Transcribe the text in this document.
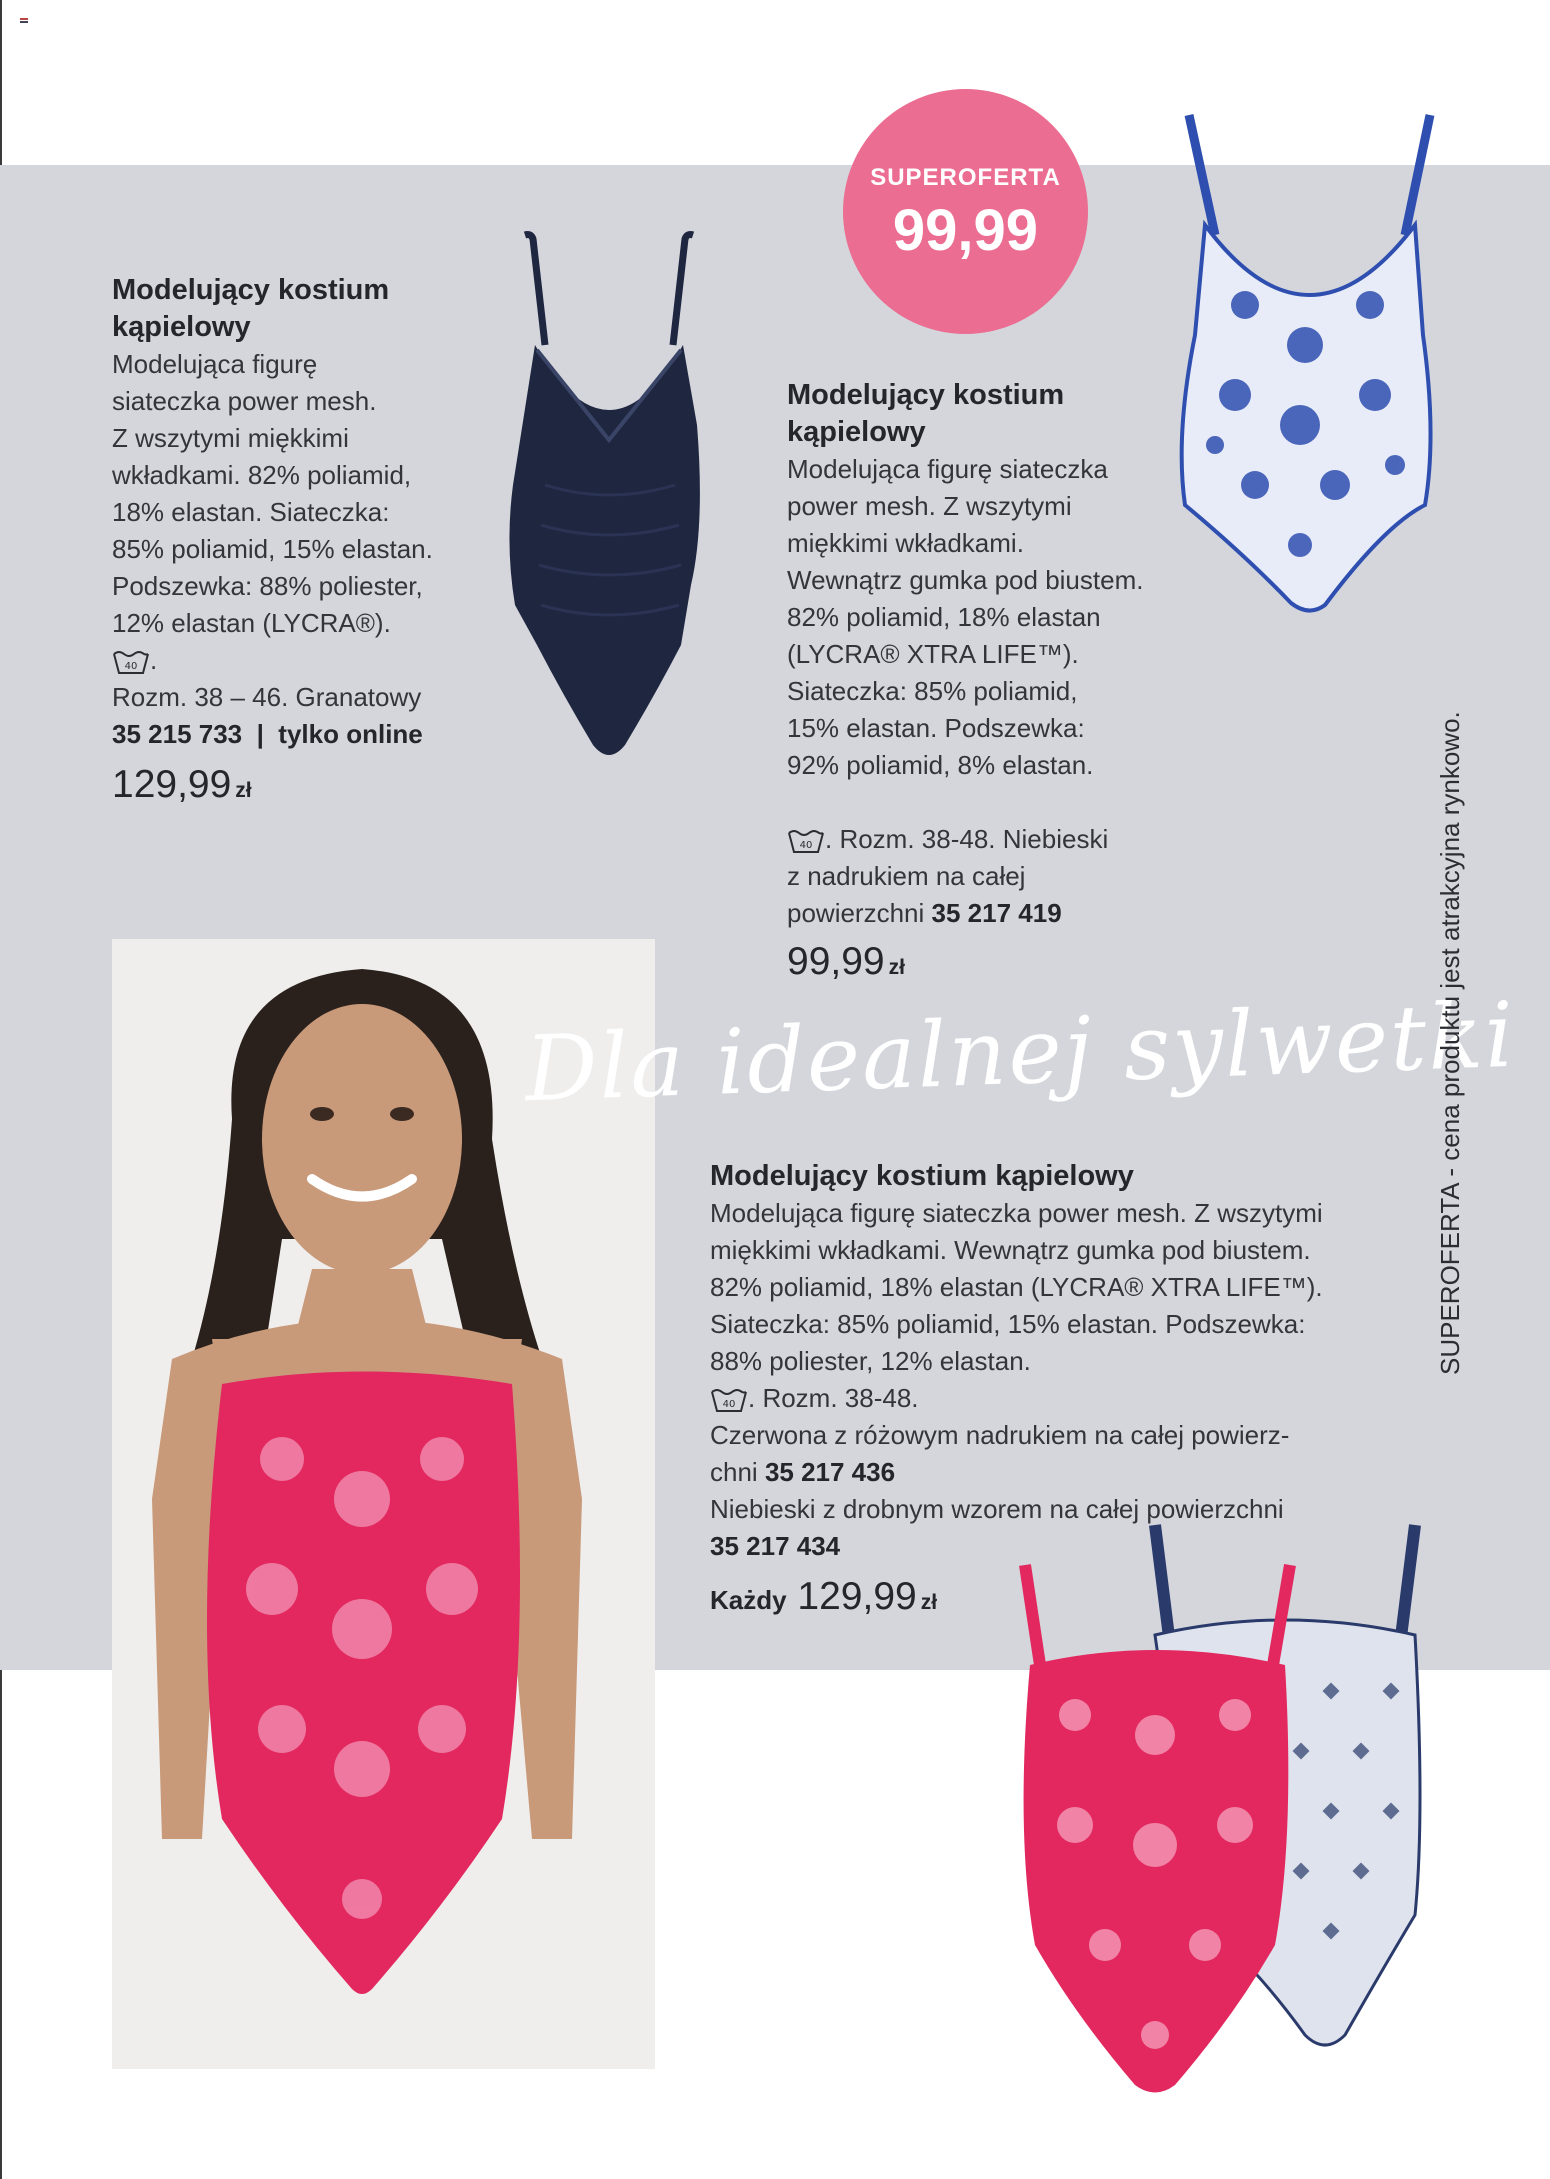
SUPEROFERTA
99,99
Modelujący kostium
kąpielowy
Modelująca figurę
siateczka power mesh.
Z wszytymi miękkimi
wkładkami. 82% poliamid,
18% elastan. Siateczka:
85% poliamid, 15% elastan.
Podszewka: 88% poliester,
12% elastan (LYCRA®).

40 .
Rozm. 38 – 46. Granatowy
35 215 733  |  tylko online
129,99 zł
Modelujący kostium
kąpielowy
Modelująca figurę siateczka
power mesh. Z wszytymi
miękkimi wkładkami.
Wewnątrz gumka pod biustem.
82% poliamid, 18% elastan
(LYCRA® XTRA LIFE™).
Siateczka: 85% poliamid,
15% elastan. Podszewka:
92% poliamid, 8% elastan.

40 . Rozm. 38-48. Niebieski
z nadrukiem na całej
powierzchni 35 217 419
99,99 zł
Dla idealnej sylwetki
Modelujący kostium kąpielowy
Modelująca figurę siateczka power mesh. Z wszytymi
miękkimi wkładkami. Wewnątrz gumka pod biustem.
82% poliamid, 18% elastan (LYCRA® XTRA LIFE™).
Siateczka: 85% poliamid, 15% elastan. Podszewka:
88% poliester, 12% elastan.

40 . Rozm. 38-48.
Czerwona z różowym nadrukiem na całej powierz-
chni 35 217 436
Niebieski z drobnym wzorem na całej powierzchni
35 217 434
Każdy 129,99 zł
SUPEROFERTA - cena produktu jest atrakcyjna rynkowo.
